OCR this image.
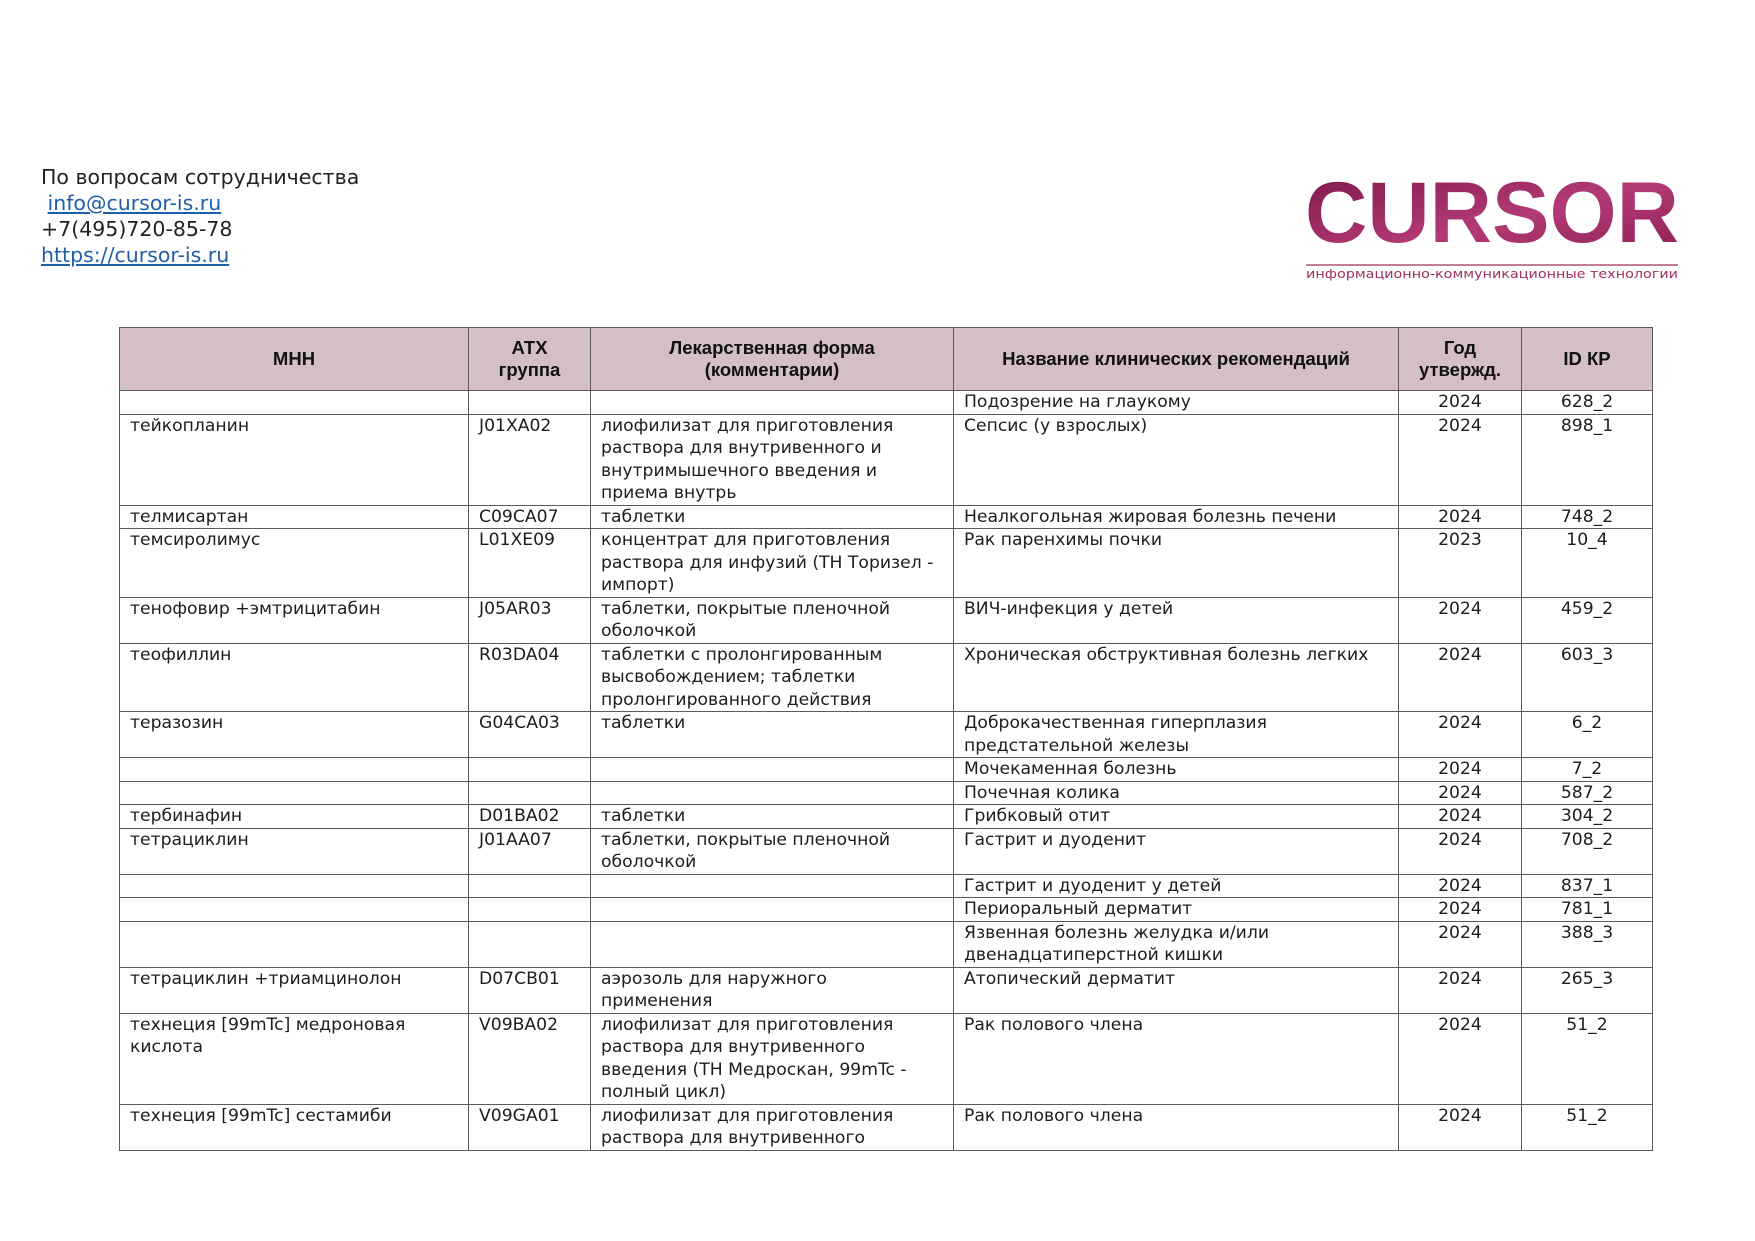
По вопросам сотрудничества
info@cursor-is.ru
+7(495)720-85-78
https://cursor-is.ru	CURSOR
информационно-коммуникационные технологии
МНН	АТХ группа	Лекарственная форма (комментарии)	Название клинических рекомендаций	Год утвержд.	ID КР
			Подозрение на глаукому	2024	628_2
тейкопланин	J01XA02	лиофилизат для приготовления раствора для внутривенного и внутримышечного введения и приема внутрь	Сепсис (у взрослых)	2024	898_1
телмисартан	C09CA07	таблетки	Неалкогольная жировая болезнь печени	2024	748_2
темсиролимус	L01XE09	концентрат для приготовления раствора для инфузий (ТН Торизел - импорт)	Рак паренхимы почки	2023	10_4
тенофовир +эмтрицитабин	J05AR03	таблетки, покрытые пленочной оболочкой	ВИЧ-инфекция у детей	2024	459_2
теофиллин	R03DA04	таблетки с пролонгированным высвобождением; таблетки пролонгированного действия	Хроническая обструктивная болезнь легких	2024	603_3
теразозин	G04CA03	таблетки	Доброкачественная гиперплазия предстательной железы	2024	6_2
			Мочекаменная болезнь	2024	7_2
			Почечная колика	2024	587_2
тербинафин	D01BA02	таблетки	Грибковый отит	2024	304_2
тетрациклин	J01AA07	таблетки, покрытые пленочной оболочкой	Гастрит и дуоденит	2024	708_2
			Гастрит и дуоденит у детей	2024	837_1
			Периоральный дерматит	2024	781_1
			Язвенная болезнь желудка и/или двенадцатиперстной кишки	2024	388_3
тетрациклин +триамцинолон	D07CB01	аэрозоль для наружного применения	Атопический дерматит	2024	265_3
технеция [99mTc] медроновая кислота	V09BA02	лиофилизат для приготовления раствора для внутривенного введения (ТН Медроскан, 99mTc - полный цикл)	Рак полового члена	2024	51_2
технеция [99mTc] сестамиби	V09GA01	лиофилизат для приготовления раствора для внутривенного	Рак полового члена	2024	51_2
